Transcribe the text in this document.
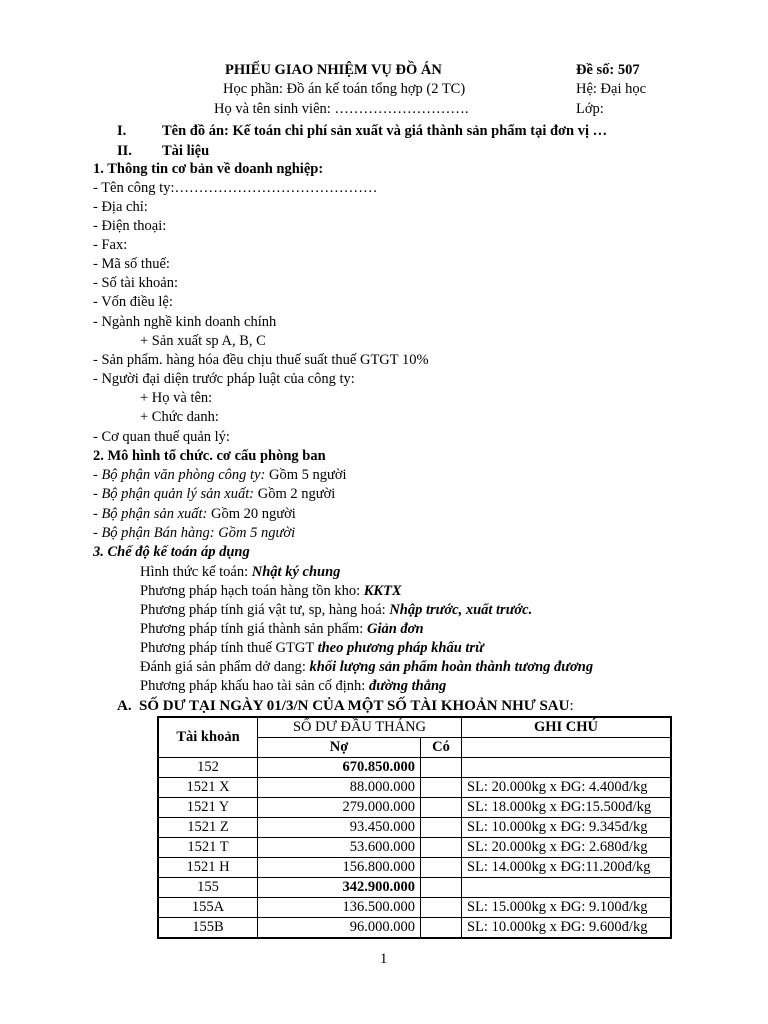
PHIẾU GIAO NHIỆM VỤ ĐỒ ÁN	Đề số: 507
Học phần: Đồ án kế toán tổng hợp (2 TC)	Hệ: Đại học
Họ và tên sinh viên: ……………………….	Lớp:
I. Tên đồ án: Kế toán chi phí sản xuất và giá thành sản phẩm tại đơn vị …
II. Tài liệu
1. Thông tin cơ bản về doanh nghiệp:
- Tên công ty:……………………………………
- Địa chỉ:
- Điện thoại:
- Fax:
- Mã số thuế:
- Số tài khoản:
- Vốn điều lệ:
- Ngành nghề kinh doanh chính
+ Sản xuất sp A, B, C
- Sản phẩm. hàng hóa đều chịu thuế suất thuế GTGT 10%
- Người đại diện trước pháp luật của công ty:
+ Họ và tên:
+ Chức danh:
- Cơ quan thuế quản lý:
2. Mô hình tổ chức. cơ cấu phòng ban
- Bộ phận văn phòng công ty: Gồm 5 người
- Bộ phận quản lý sản xuất: Gồm 2 người
- Bộ phận sản xuất: Gồm 20 người
- Bộ phận Bán hàng: Gồm 5 người
3. Chế độ kế toán áp dụng
Hình thức kế toán: Nhật ký chung
Phương pháp hạch toán hàng tồn kho: KKTX
Phương pháp tính giá vật tư, sp, hàng hoá: Nhập trước, xuất trước.
Phương pháp tính giá thành sản phẩm: Giản đơn
Phương pháp tính thuế GTGT theo phương pháp khấu trừ
Đánh giá sản phẩm dở dang: khối lượng sản phẩm hoàn thành tương đương
Phương pháp khấu hao tài sản cố định: đường thẳng
A. SỐ DƯ TẠI NGÀY 01/3/N CỦA MỘT SỐ TÀI KHOẢN NHƯ SAU:
Tài khoản	SỐ DƯ ĐẦU THÁNG		GHI CHÚ
	Nợ	Có	
152	670.850.000		
1521 X	88.000.000		SL: 20.000kg x ĐG: 4.400đ/kg
1521 Y	279.000.000		SL: 18.000kg x ĐG:15.500đ/kg
1521 Z	93.450.000		SL: 10.000kg x ĐG: 9.345đ/kg
1521 T	53.600.000		SL: 20.000kg x ĐG: 2.680đ/kg
1521 H	156.800.000		SL: 14.000kg x ĐG:11.200đ/kg
155	342.900.000		
155A	136.500.000		SL: 15.000kg x ĐG: 9.100đ/kg
155B	96.000.000		SL: 10.000kg x ĐG: 9.600đ/kg
1
